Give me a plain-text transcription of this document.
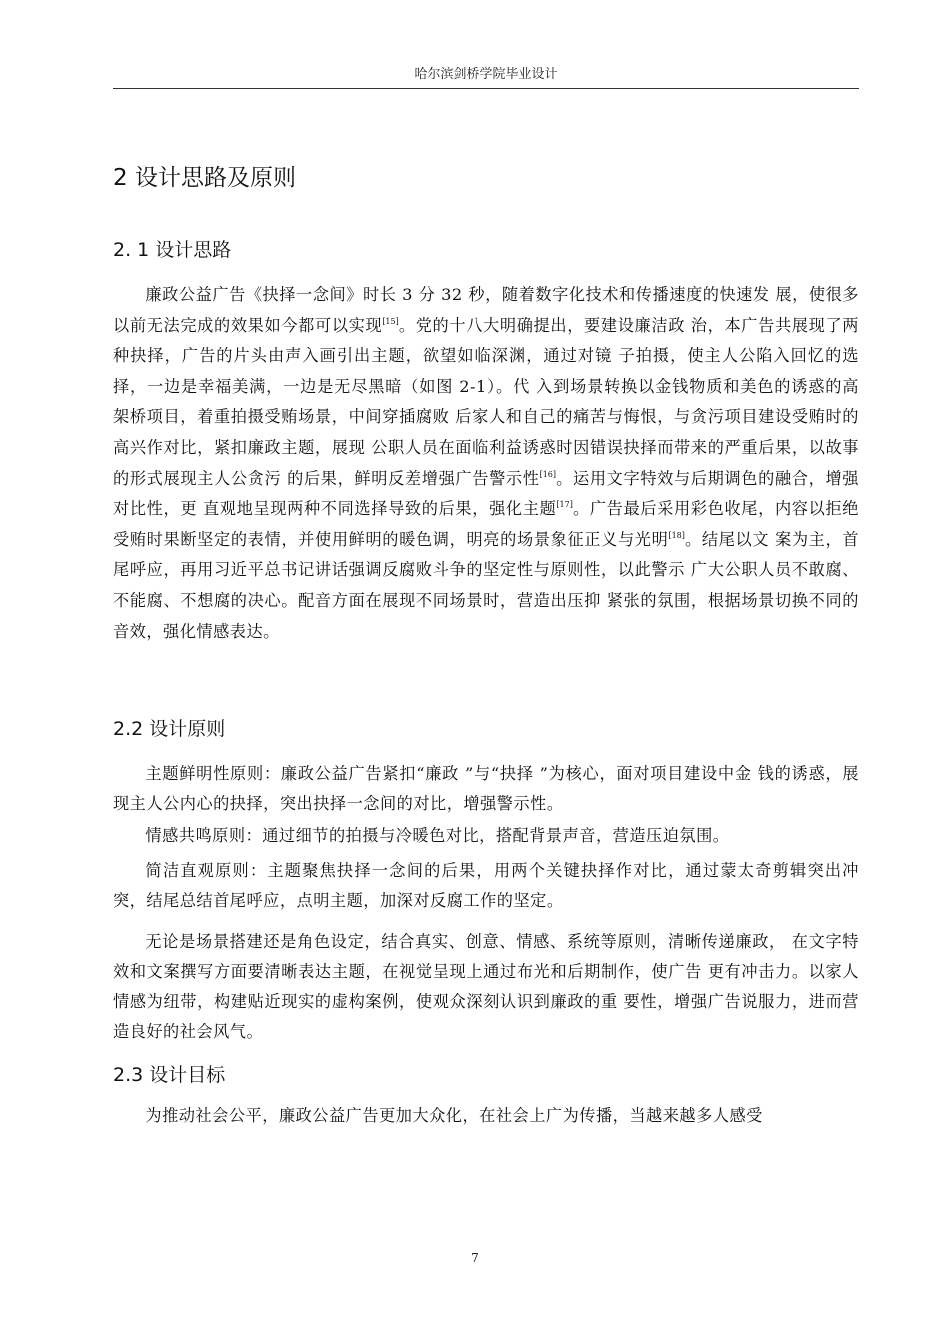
哈尔滨剑桥学院毕业设计
2 设计思路及原则
2. 1 设计思路

廉政公益广告《抉择一念间》时长 3 分 32 秒，随着数字化技术和传播速度的快速发 展，使很多以前无法完成的效果如今都可以实现[15]。党的十八大明确提出，要建设廉洁政 治，本广告共展现了两种抉择，广告的片头由声入画引出主题，欲望如临深渊，通过对镜 子拍摄，使主人公陷入回忆的选择，一边是幸福美满，一边是无尽黑暗（如图 2-1）。代 入到场景转换以金钱物质和美色的诱惑的高架桥项目，着重拍摄受贿场景，中间穿插腐败 后家人和自己的痛苦与悔恨，与贪污项目建设受贿时的高兴作对比，紧扣廉政主题，展现 公职人员在面临利益诱惑时因错误抉择而带来的严重后果，以故事的形式展现主人公贪污 的后果，鲜明反差增强广告警示性[16]。运用文字特效与后期调色的融合，增强对比性，更 直观地呈现两种不同选择导致的后果，强化主题[17]。广告最后采用彩色收尾，内容以拒绝 受贿时果断坚定的表情，并使用鲜明的暖色调，明亮的场景象征正义与光明[18]。结尾以文 案为主，首尾呼应，再用习近平总书记讲话强调反腐败斗争的坚定性与原则性，以此警示 广大公职人员不敢腐、不能腐、不想腐的决心。配音方面在展现不同场景时，营造出压抑 紧张的氛围，根据场景切换不同的音效，强化情感表达。

2.2 设计原则

主题鲜明性原则：廉政公益广告紧扣“廉政 ”与“抉择 ”为核心，面对项目建设中金 钱的诱惑，展现主人公内心的抉择，突出抉择一念间的对比，增强警示性。

情感共鸣原则：通过细节的拍摄与冷暖色对比，搭配背景声音，营造压迫氛围。

简洁直观原则：主题聚焦抉择一念间的后果，用两个关键抉择作对比，通过蒙太奇剪辑突出冲突，结尾总结首尾呼应，点明主题，加深对反腐工作的坚定。

无论是场景搭建还是角色设定，结合真实、创意、情感、系统等原则，清晰传递廉政， 在文字特效和文案撰写方面要清晰表达主题，在视觉呈现上通过布光和后期制作，使广告 更有冲击力。以家人情感为纽带，构建贴近现实的虚构案例，使观众深刻认识到廉政的重 要性，增强广告说服力，进而营造良好的社会风气。

2.3 设计目标

为推动社会公平，廉政公益广告更加大众化，在社会上广为传播，当越来越多人感受

7
